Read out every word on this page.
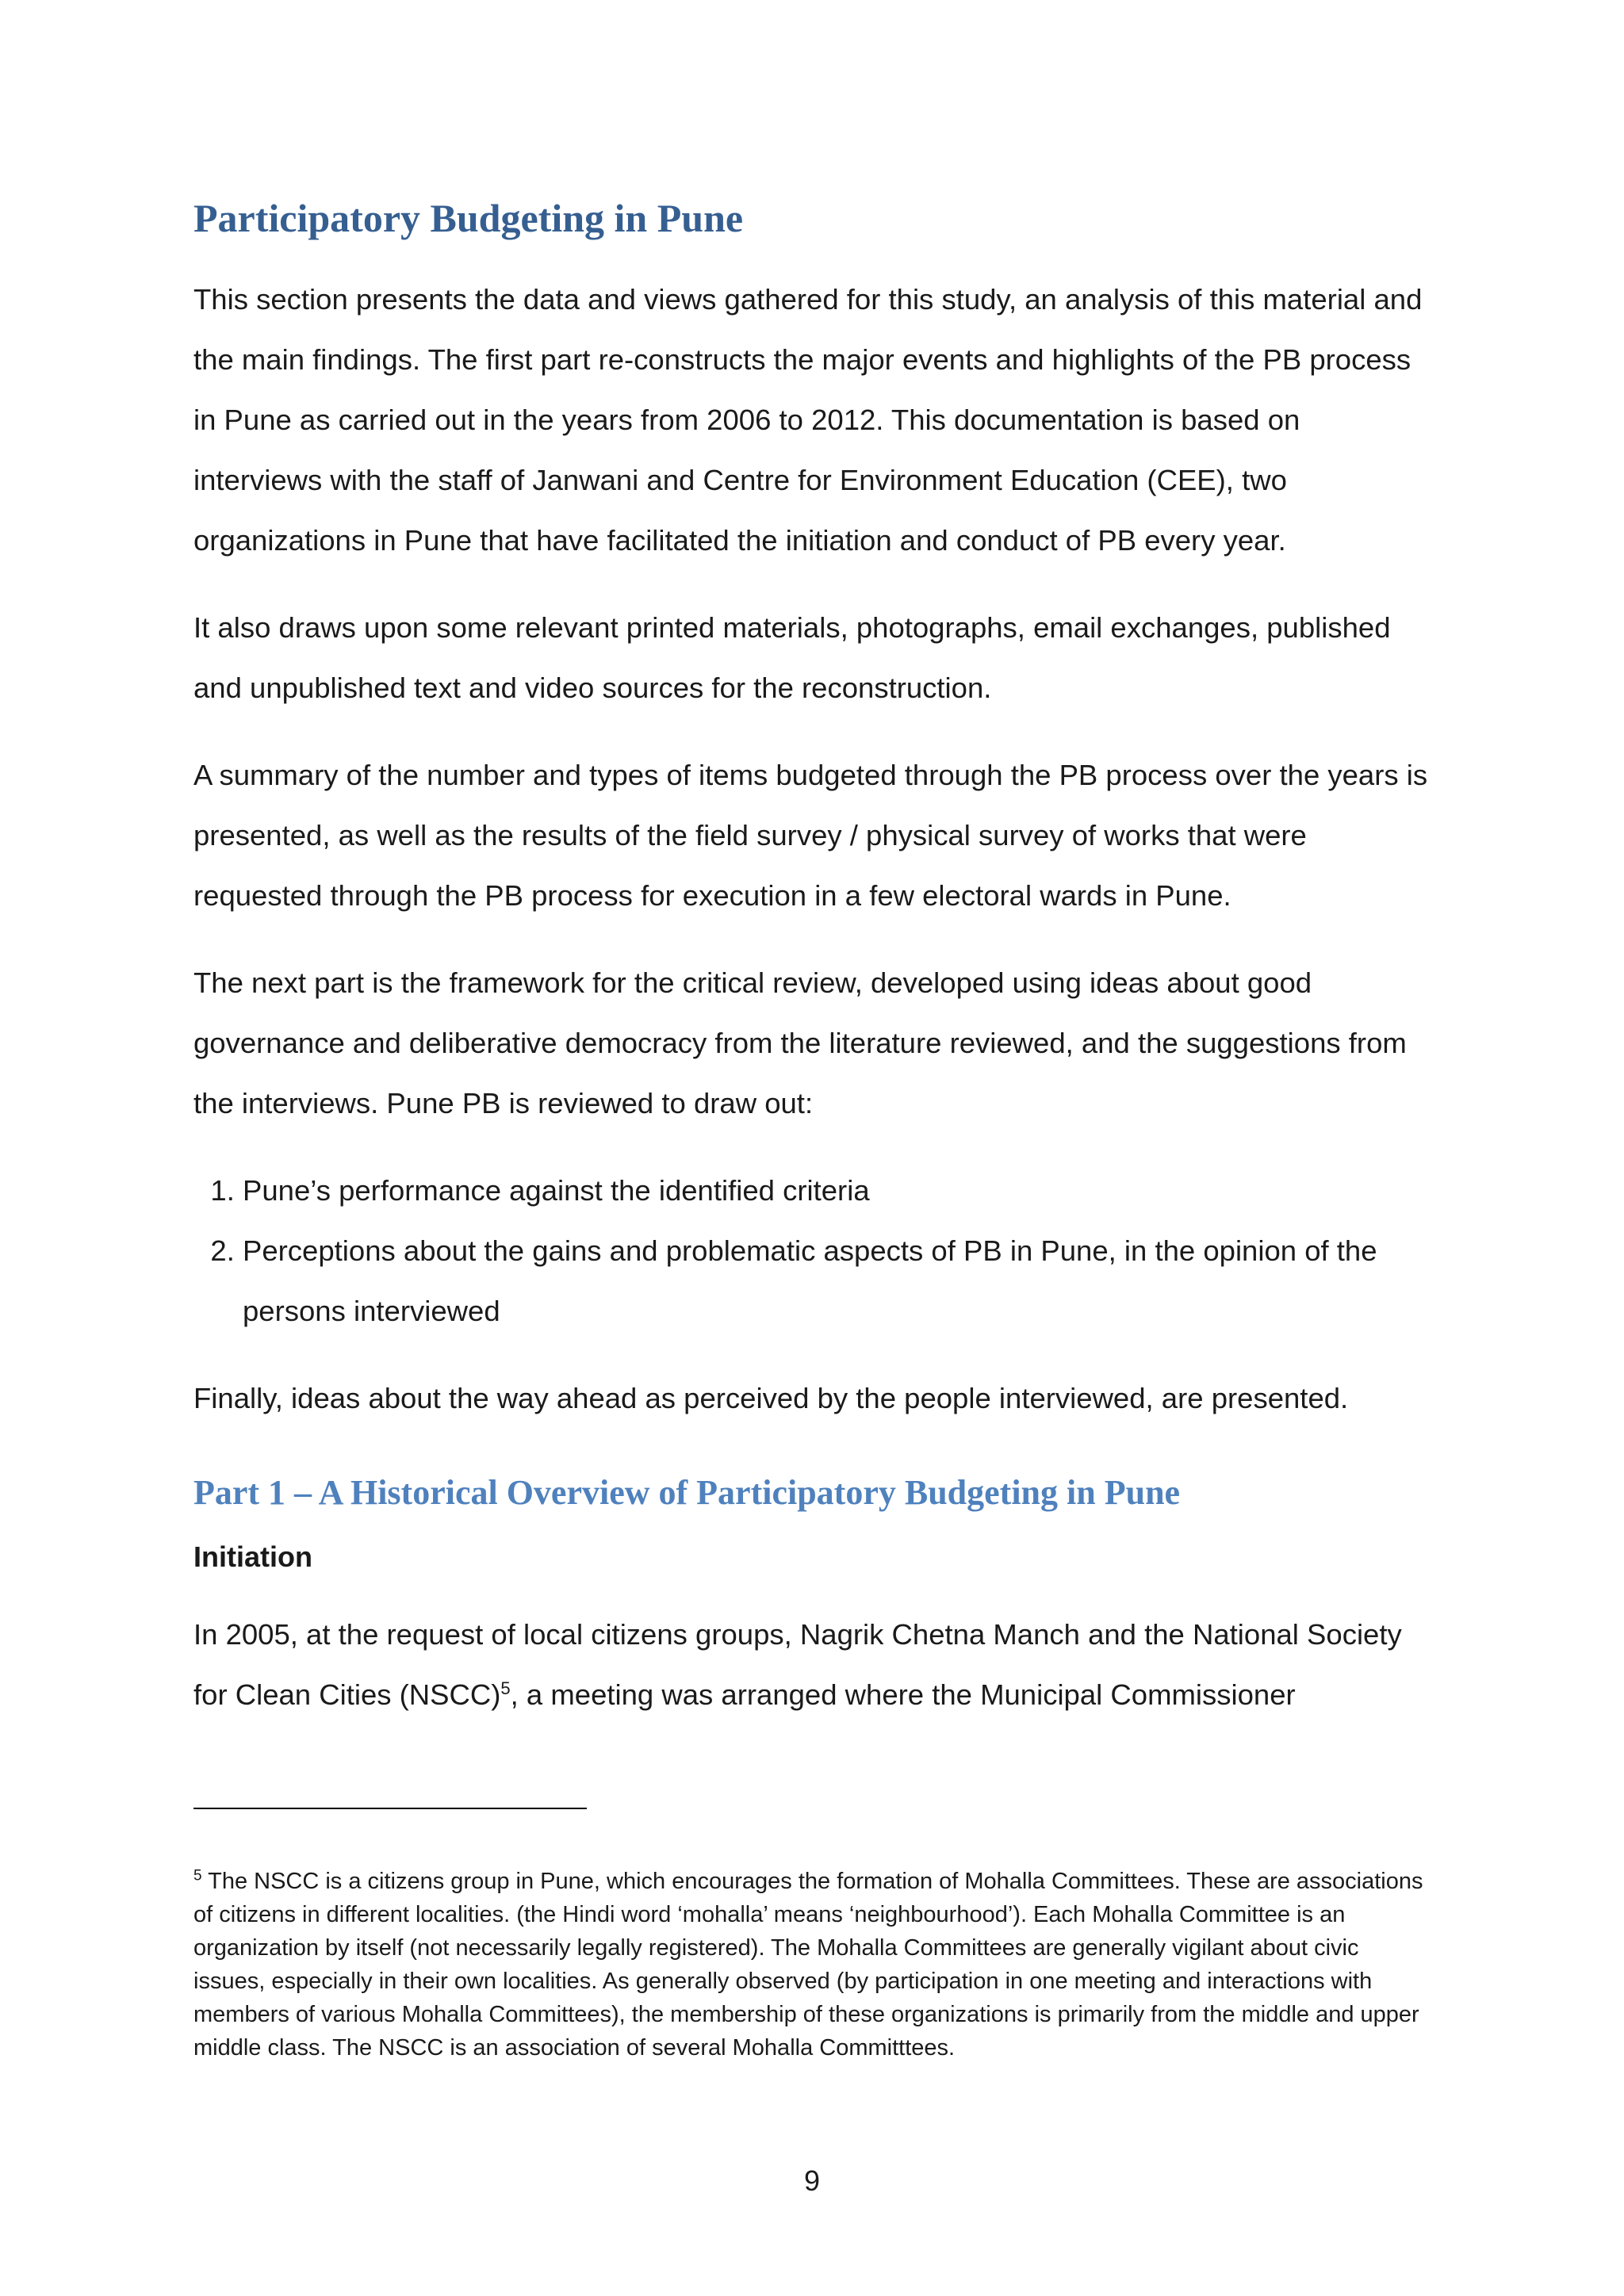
Participatory Budgeting in Pune

This section presents the data and views gathered for this study, an analysis of this material and the main findings. The first part re-constructs the major events and highlights of the PB process in Pune as carried out in the years from 2006 to 2012. This documentation is based on interviews with the staff of Janwani and Centre for Environment Education (CEE), two organizations in Pune that have facilitated the initiation and conduct of PB every year.

It also draws upon some relevant printed materials, photographs, email exchanges, published and unpublished text and video sources for the reconstruction.

A summary of the number and types of items budgeted through the PB process over the years is presented, as well as the results of the field survey / physical survey of works that were requested through the PB process for execution in a few electoral wards in Pune.

The next part is the framework for the critical review, developed using ideas about good governance and deliberative democracy from the literature reviewed, and the suggestions from the interviews. Pune PB is reviewed to draw out:

1. Pune’s performance against the identified criteria
2. Perceptions about the gains and problematic aspects of PB in Pune, in the opinion of the persons interviewed

Finally, ideas about the way ahead as perceived by the people interviewed, are presented.

Part 1 – A Historical Overview of Participatory Budgeting in Pune
Initiation

In 2005, at the request of local citizens groups, Nagrik Chetna Manch and the National Society for Clean Cities (NSCC)$^5$, a meeting was arranged where the Municipal Commissioner

$^5$ The NSCC is a citizens group in Pune, which encourages the formation of Mohalla Committees. These are associations of citizens in different localities. (the Hindi word ‘mohalla’ means ‘neighbourhood’). Each Mohalla Committee is an organization by itself (not necessarily legally registered). The Mohalla Committees are generally vigilant about civic issues, especially in their own localities. As generally observed (by participation in one meeting and interactions with members of various Mohalla Committees), the membership of these organizations is primarily from the middle and upper middle class. The NSCC is an association of several Mohalla Committtees.

9
